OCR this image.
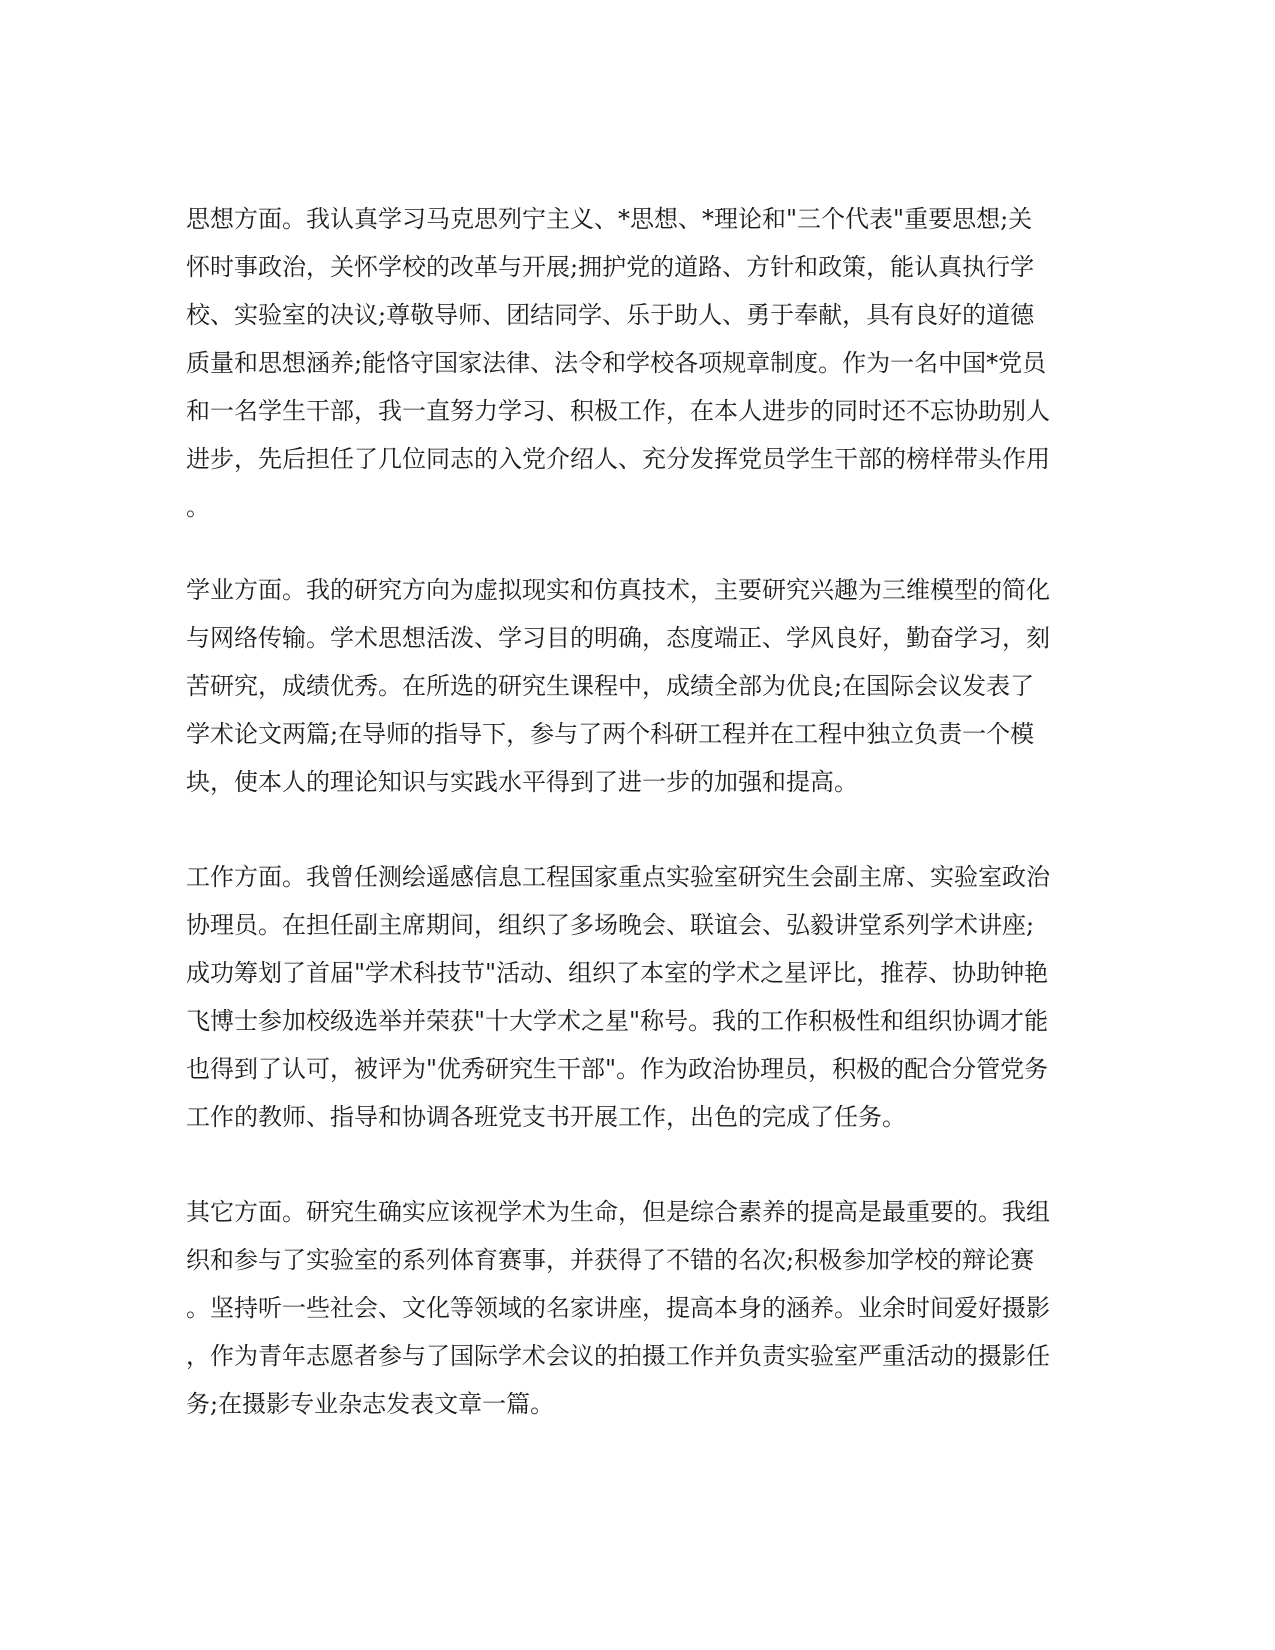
思想方面。我认真学习马克思列宁主义、*思想、*理论和"三个代表"重要思想;关
怀时事政治，关怀学校的改革与开展;拥护党的道路、方针和政策，能认真执行学
校、实验室的决议;尊敬导师、团结同学、乐于助人、勇于奉献，具有良好的道德
质量和思想涵养;能恪守国家法律、法令和学校各项规章制度。作为一名中国*党员
和一名学生干部，我一直努力学习、积极工作，在本人进步的同时还不忘协助别人
进步，先后担任了几位同志的入党介绍人、充分发挥党员学生干部的榜样带头作用
。

学业方面。我的研究方向为虚拟现实和仿真技术，主要研究兴趣为三维模型的简化
与网络传输。学术思想活泼、学习目的明确，态度端正、学风良好，勤奋学习，刻
苦研究，成绩优秀。在所选的研究生课程中，成绩全部为优良;在国际会议发表了
学术论文两篇;在导师的指导下，参与了两个科研工程并在工程中独立负责一个模
块，使本人的理论知识与实践水平得到了进一步的加强和提高。

工作方面。我曾任测绘遥感信息工程国家重点实验室研究生会副主席、实验室政治
协理员。在担任副主席期间，组织了多场晚会、联谊会、弘毅讲堂系列学术讲座;
成功筹划了首届"学术科技节"活动、组织了本室的学术之星评比，推荐、协助钟艳
飞博士参加校级选举并荣获"十大学术之星"称号。我的工作积极性和组织协调才能
也得到了认可，被评为"优秀研究生干部"。作为政治协理员，积极的配合分管党务
工作的教师、指导和协调各班党支书开展工作，出色的完成了任务。

其它方面。研究生确实应该视学术为生命，但是综合素养的提高是最重要的。我组
织和参与了实验室的系列体育赛事，并获得了不错的名次;积极参加学校的辩论赛
。坚持听一些社会、文化等领域的名家讲座，提高本身的涵养。业余时间爱好摄影
，作为青年志愿者参与了国际学术会议的拍摄工作并负责实验室严重活动的摄影任
务;在摄影专业杂志发表文章一篇。
